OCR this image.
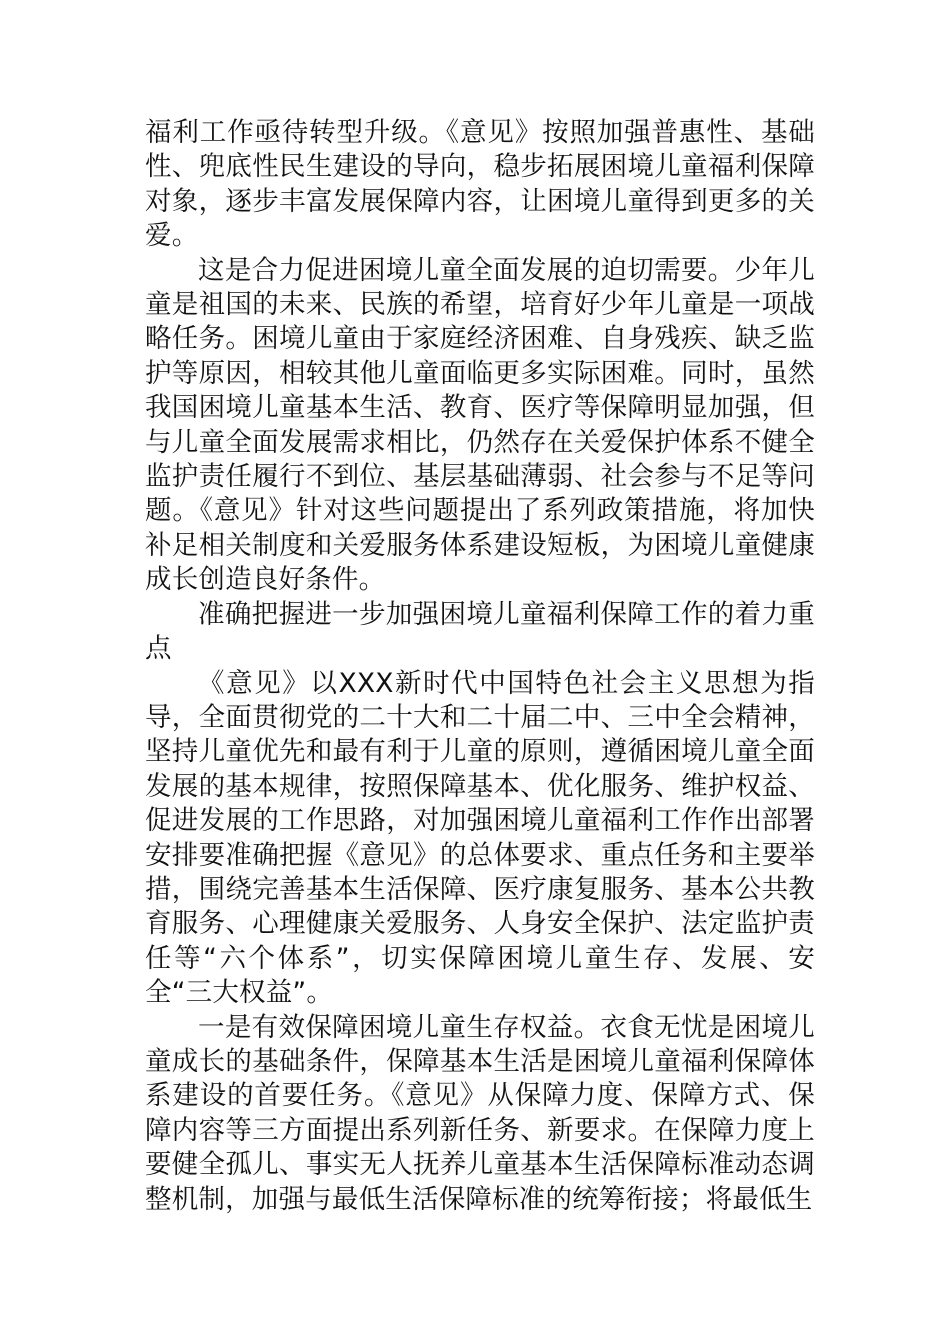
福利工作亟待转型升级。《意见》按照加强普惠性、基础性、兜底性民生建设的导向，稳步拓展困境儿童福利保障对象，逐步丰富发展保障内容，让困境儿童得到更多的关爱。

这是合力促进困境儿童全面发展的迫切需要。少年儿童是祖国的未来、民族的希望，培育好少年儿童是一项战略任务。困境儿童由于家庭经济困难、自身残疾、缺乏监护等原因，相较其他儿童面临更多实际困难。同时，虽然我国困境儿童基本生活、教育、医疗等保障明显加强，但与儿童全面发展需求相比，仍然存在关爱保护体系不健全监护责任履行不到位、基层基础薄弱、社会参与不足等问题。《意见》针对这些问题提出了系列政策措施，将加快补足相关制度和关爱服务体系建设短板，为困境儿童健康成长创造良好条件。

准确把握进一步加强困境儿童福利保障工作的着力重点

《意见》以XXX新时代中国特色社会主义思想为指导，全面贯彻党的二十大和二十届二中、三中全会精神，坚持儿童优先和最有利于儿童的原则，遵循困境儿童全面发展的基本规律，按照保障基本、优化服务、维护权益、促进发展的工作思路，对加强困境儿童福利工作作出部署安排要准确把握《意见》的总体要求、重点任务和主要举措，围绕完善基本生活保障、医疗康复服务、基本公共教育服务、心理健康关爱服务、人身安全保护、法定监护责任等“六个体系”，切实保障困境儿童生存、发展、安全“三大权益”。

一是有效保障困境儿童生存权益。衣食无忧是困境儿童成长的基础条件，保障基本生活是困境儿童福利保障体系建设的首要任务。《意见》从保障力度、保障方式、保障内容等三方面提出系列新任务、新要求。在保障力度上要健全孤儿、事实无人抚养儿童基本生活保障标准动态调整机制，加强与最低生活保障标准的统筹衔接；将最低生
